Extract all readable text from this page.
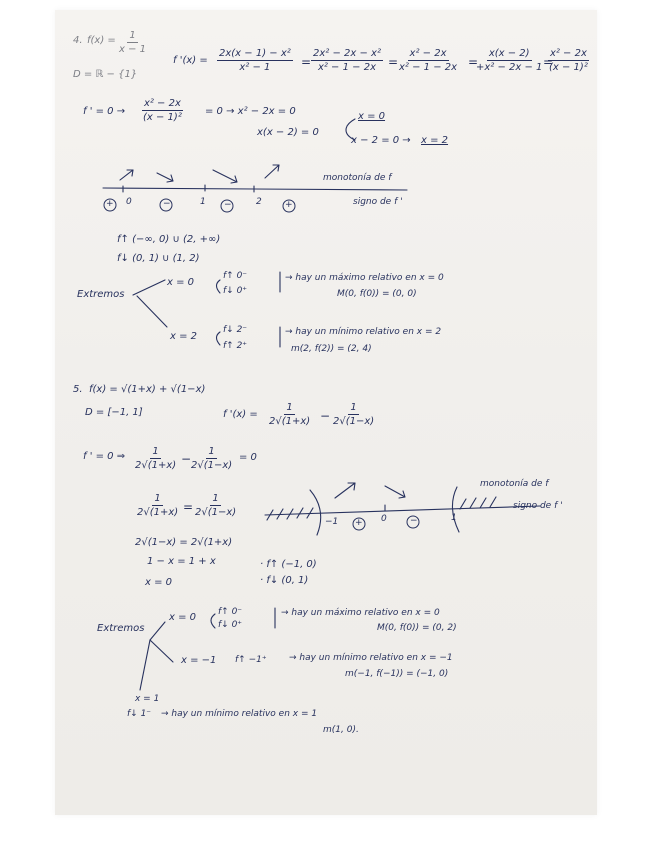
4. $f(x) = \frac{1}{x - 1}$
D = ℝ − {1}
f '$(x) = \frac{\text{2x(x − 1) − x²}}{\text{x² − 1}} = \frac{\text{2x² − 2x − x²}}{\text{x² − 1 − 2x}}$ =
$\frac{\text{x² − 2x}}{\text{x² − 1 − 2x}}$ =
$\frac{x(x - 2)}{\text{+x² − 2x − 1}}$
=
$\frac{\text{x² − 2x}}{\text{(x − 1)²}}$
f ' = $0 \to \frac{\text{x² − 2x}}{\text{(x − 1)²}} = 0 \to x^2 - 2x = 0$
x(x − 2) = 0
x = 0
x − 2 = 0 → x = 2
monotonía de f
signo de f '
0	1	2
+	−	−	+
f↑ (−∞, 0) ∪ (2, +∞)
f↓ (0, 1) ∪ (1, 2)
Extremos
x = 0
f↑ 0⁻
f↓ 0⁺
→ hay un máximo relativo en x = 0
M(0, f(0)) = (0, 0)
x = 2
f↓ 2⁻
f↑ 2⁺
→ hay un mínimo relativo en x = 2
m(2, f(2)) = (2, 4)
5. f(x) = √(1+x) + √(1−x)
D = [−1, 1]	f '$(x) = \frac{1}{2√(1+x)} - \frac{1}{2√(1-x)}$
f ' = 0 ⇒ $\frac{1}{2√(1+x)}$ −
$\frac{1}{2√(1-x)} = 0$
$\frac{1}{2√(1+x)} = \frac{1}{2√(1-x)}$
2√(1−x) = 2√(1+x)
1 − x = 1 + x
x = 0
monotonía de f
signo de f '
−1	0	1
+	−
· f↑ (−1, 0)
· f↓ (0, 1)
Extremos
x = 0 f↑ 0⁻
f↓ 0⁺
→ hay un máximo relativo en x = 0
M(0, f(0)) = (0, 2)
x = −1 f↑ −1⁺ → hay un mínimo relativo en x = −1
m(−1, f(−1)) = (−1, 0)
x = 1
f↓ 1⁻ → hay un mínimo relativo en x = 1
m(1, 0).
